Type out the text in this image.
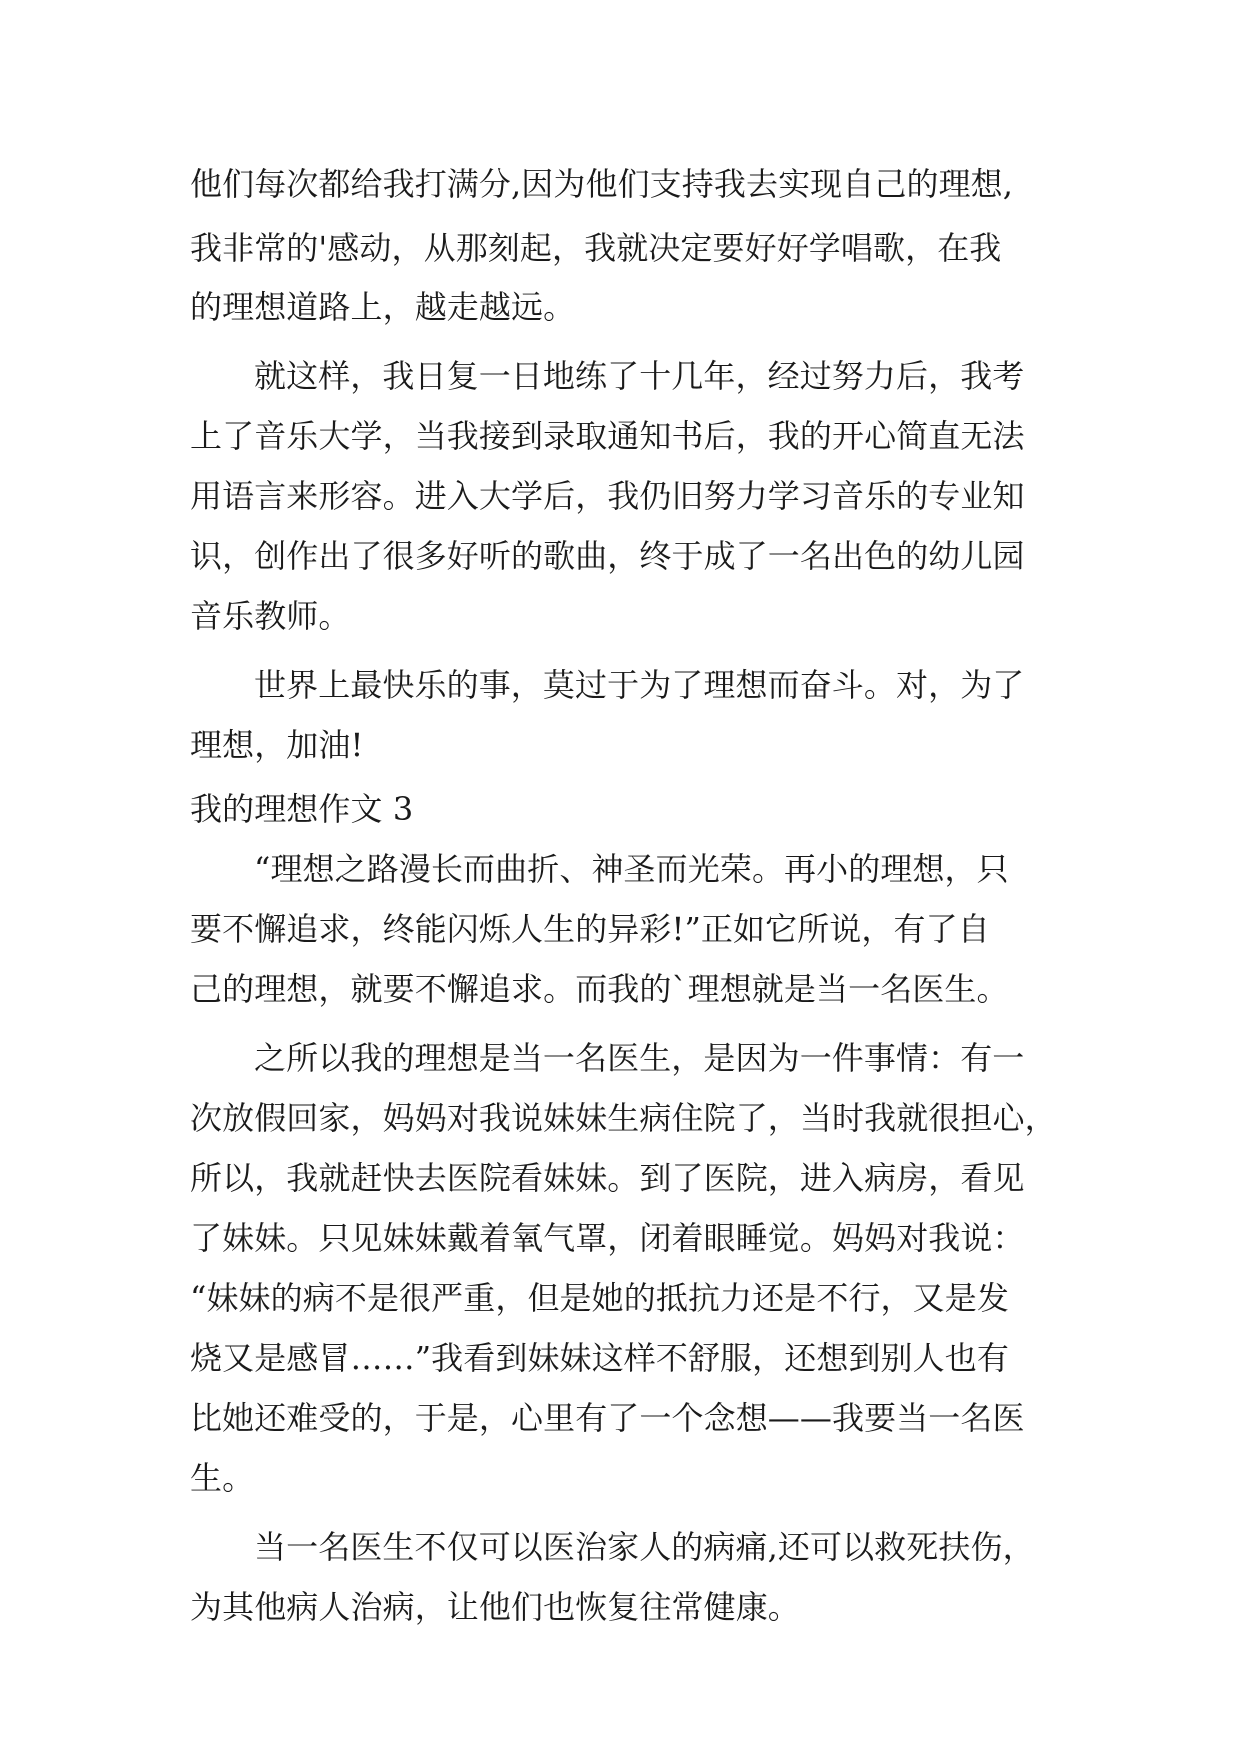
他们每次都给我打满分,因为他们支持我去实现自己的理想,
我非常的'感动，从那刻起，我就决定要好好学唱歌，在我
的理想道路上，越走越远。
就这样，我日复一日地练了十几年，经过努力后，我考
上了音乐大学，当我接到录取通知书后，我的开心简直无法
用语言来形容。进入大学后，我仍旧努力学习音乐的专业知
识，创作出了很多好听的歌曲，终于成了一名出色的幼儿园
音乐教师。
世界上最快乐的事，莫过于为了理想而奋斗。对，为了
理想，加油!
我的理想作文 3
“理想之路漫长而曲折、神圣而光荣。再小的理想，只
要不懈追求，终能闪烁人生的异彩!”正如它所说，有了自
己的理想，就要不懈追求。而我的`理想就是当一名医生。
之所以我的理想是当一名医生，是因为一件事情：有一
次放假回家，妈妈对我说妹妹生病住院了，当时我就很担心，
所以，我就赶快去医院看妹妹。到了医院，进入病房，看见
了妹妹。只见妹妹戴着氧气罩，闭着眼睡觉。妈妈对我说：
“妹妹的病不是很严重，但是她的抵抗力还是不行，又是发
烧又是感冒……”我看到妹妹这样不舒服，还想到别人也有
比她还难受的，于是，心里有了一个念想——我要当一名医
生。
当一名医生不仅可以医治家人的病痛,还可以救死扶伤，
为其他病人治病，让他们也恢复往常健康。
